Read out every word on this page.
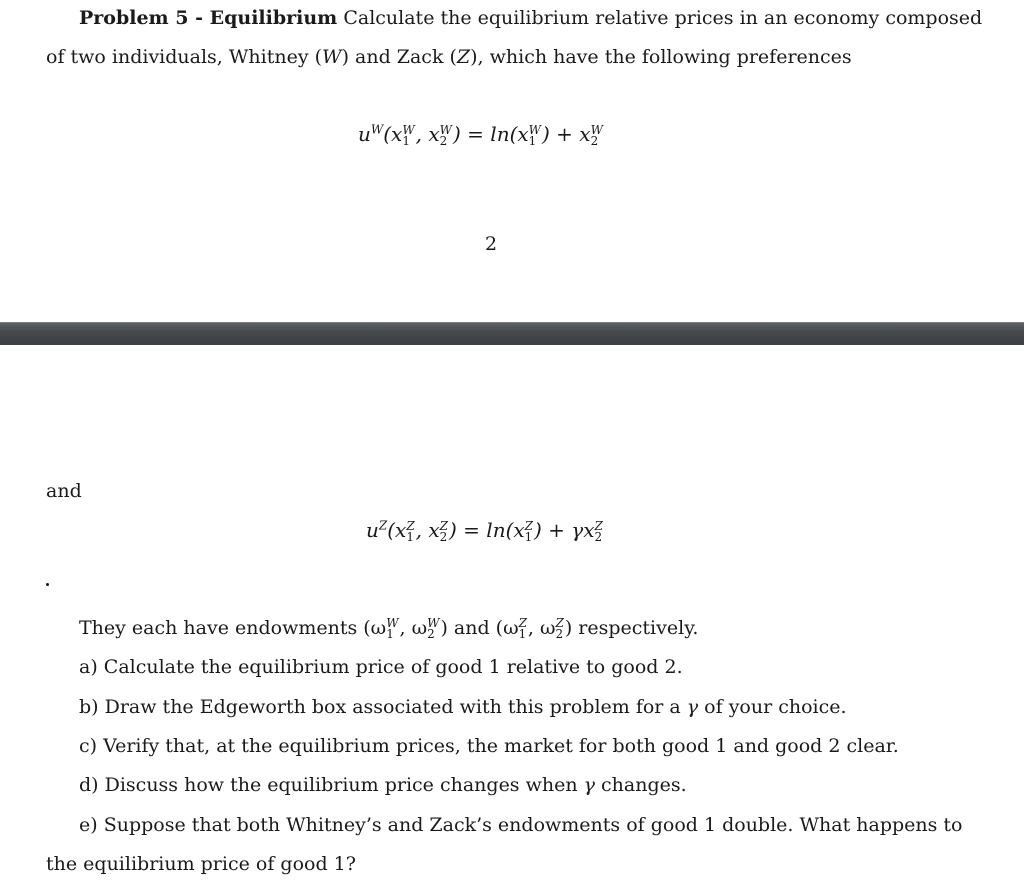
Problem 5 - Equilibrium Calculate the equilibrium relative prices in an economy composed
of two individuals, Whitney (W) and Zack (Z), which have the following preferences
$u^W(x$ W
1 , x W
2 ) = ln(x W
1 ) + x W
2
2
and
$u^Z(x$ Z
1 , x Z
2 ) = ln(x Z
1 ) + γx Z
2
They each have endowments (ω W
1 , ω W
2 ) and (ω Z
1 , ω Z
2 ) respectively.
a) Calculate the equilibrium price of good 1 relative to good 2.
b) Draw the Edgeworth box associated with this problem for a γ of your choice.
c) Verify that, at the equilibrium prices, the market for both good 1 and good 2 clear.
d) Discuss how the equilibrium price changes when γ changes.
e) Suppose that both Whitney’s and Zack’s endowments of good 1 double. What happens to
the equilibrium price of good 1?
